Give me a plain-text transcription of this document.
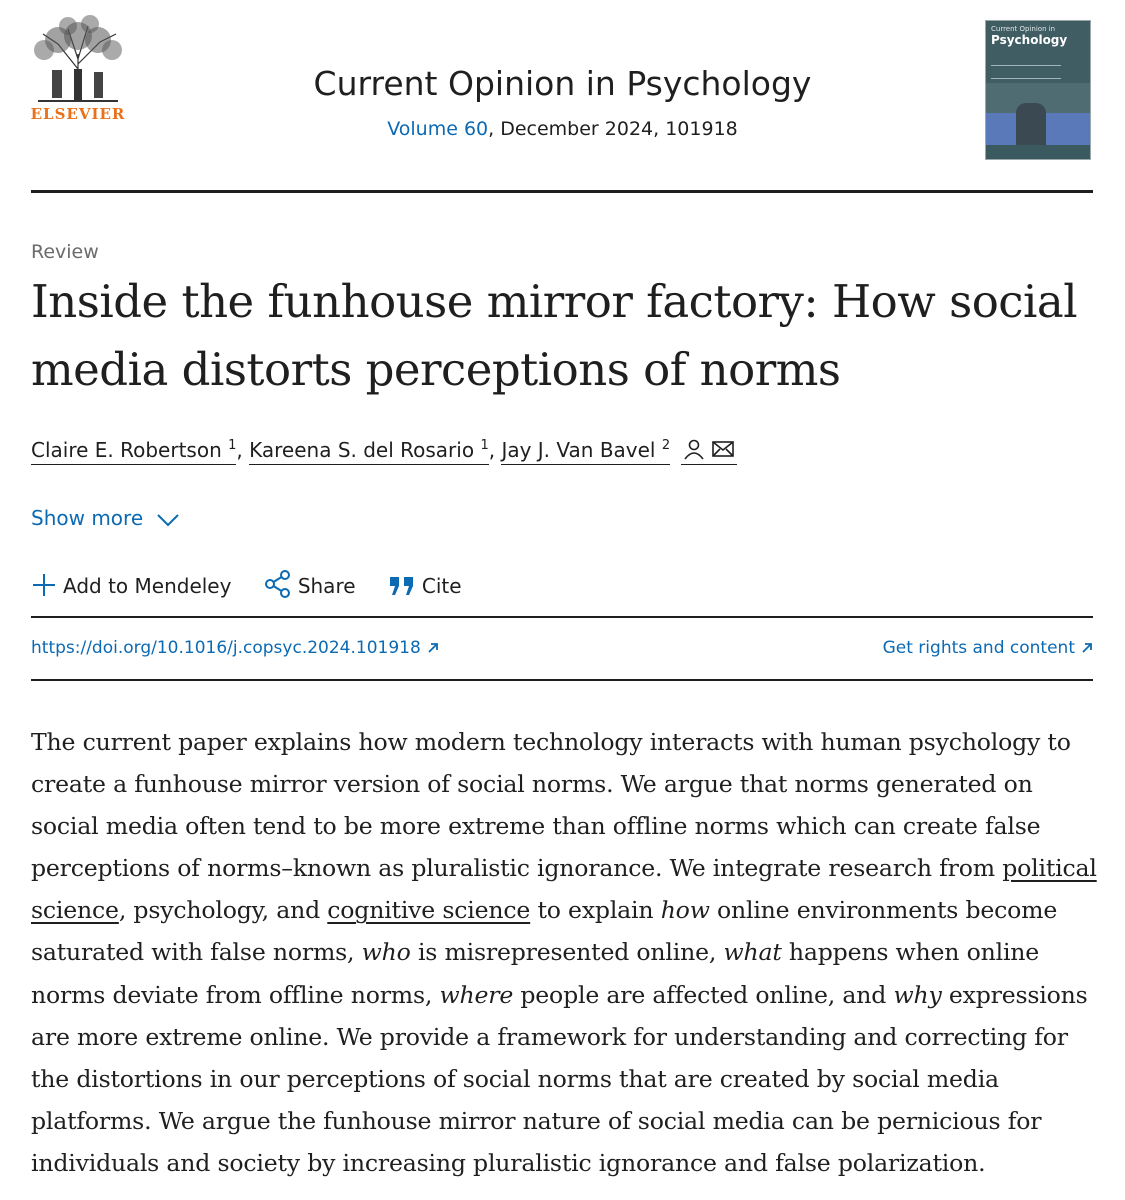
ELSEVIER
Current Opinion in Psychology
Volume 60, December 2024, 101918
Current Opinion in
Psychology
Review
Inside the funhouse mirror factory: How social media distorts perceptions of norms
Claire E. Robertson $^1$, Kareena S. del Rosario $^1$, Jay J. Van Bavel $^2$
Show more
Add to Mendeley	Share	Cite
https://doi.org/10.1016/j.copsyc.2024.101918	Get rights and content
The current paper explains how modern technology interacts with human psychology to create a funhouse mirror version of social norms. We argue that norms generated on social media often tend to be more extreme than offline norms which can create false perceptions of norms–known as pluralistic ignorance. We integrate research from political science, psychology, and cognitive science to explain how online environments become saturated with false norms, who is misrepresented online, what happens when online norms deviate from offline norms, where people are affected online, and why expressions are more extreme online. We provide a framework for understanding and correcting for the distortions in our perceptions of social norms that are created by social media platforms. We argue the funhouse mirror nature of social media can be pernicious for individuals and society by increasing pluralistic ignorance and false polarization.
